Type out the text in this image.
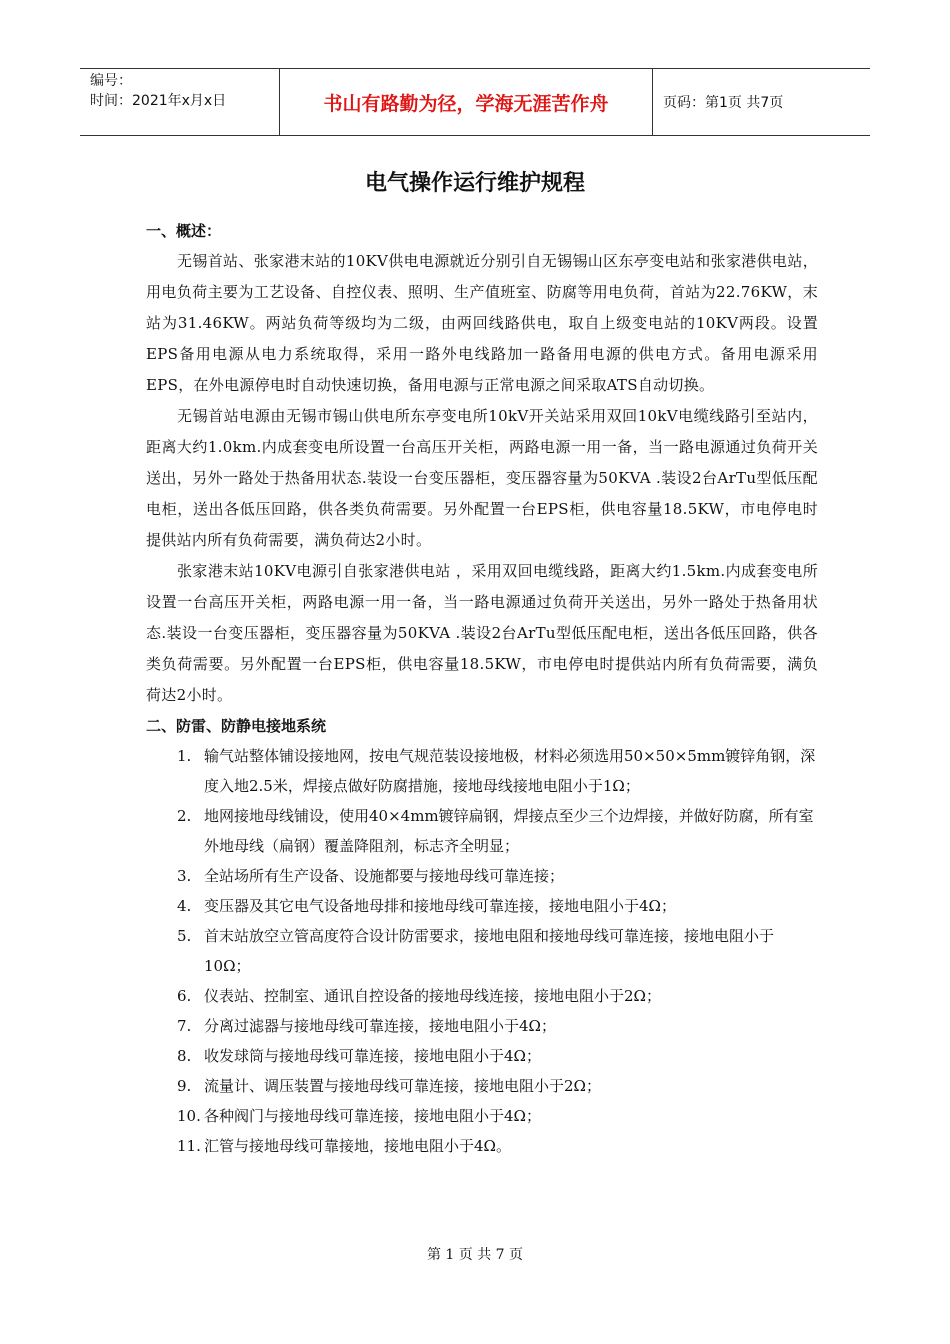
编号：
时间：2021年x月x日	书山有路勤为径，学海无涯苦作舟	页码：第1页 共7页
电气操作运行维护规程

一、概述：

无锡首站、张家港末站的10KV供电电源就近分别引自无锡锡山区东亭变电站和张家港供电站，用电负荷主要为工艺设备、自控仪表、照明、生产值班室、防腐等用电负荷，首站为22.76KW，末站为31.46KW。两站负荷等级均为二级，由两回线路供电，取自上级变电站的10KV两段。设置EPS备用电源从电力系统取得，采用一路外电线路加一路备用电源的供电方式。备用电源采用EPS，在外电源停电时自动快速切换，备用电源与正常电源之间采取ATS自动切换。

无锡首站电源由无锡市锡山供电所东亭变电所10kV开关站采用双回10kV电缆线路引至站内，距离大约1.0km.内成套变电所设置一台高压开关柜，两路电源一用一备，当一路电源通过负荷开关送出，另外一路处于热备用状态.装设一台变压器柜，变压器容量为50KVA .装设2台ArTu型低压配电柜，送出各低压回路，供各类负荷需要。另外配置一台EPS柜，供电容量18.5KW，市电停电时提供站内所有负荷需要，满负荷达2小时。

张家港末站10KV电源引自张家港供电站 ，采用双回电缆线路，距离大约1.5km.内成套变电所设置一台高压开关柜，两路电源一用一备，当一路电源通过负荷开关送出，另外一路处于热备用状态.装设一台变压器柜，变压器容量为50KVA .装设2台ArTu型低压配电柜，送出各低压回路，供各类负荷需要。另外配置一台EPS柜，供电容量18.5KW，市电停电时提供站内所有负荷需要，满负荷达2小时。

二、防雷、防静电接地系统

1. 输气站整体铺设接地网，按电气规范装设接地极，材料必须选用50×50×5mm镀锌角钢，深度入地2.5米，焊接点做好防腐措施，接地母线接地电阻小于1Ω；
2. 地网接地母线铺设，使用40×4mm镀锌扁钢，焊接点至少三个边焊接，并做好防腐，所有室外地母线（扁钢）覆盖降阻剂，标志齐全明显；
3. 全站场所有生产设备、设施都要与接地母线可靠连接；
4. 变压器及其它电气设备地母排和接地母线可靠连接，接地电阻小于4Ω；
5. 首末站放空立管高度符合设计防雷要求，接地电阻和接地母线可靠连接，接地电阻小于10Ω；
6. 仪表站、控制室、通讯自控设备的接地母线连接，接地电阻小于2Ω；
7. 分离过滤器与接地母线可靠连接，接地电阻小于4Ω；
8. 收发球筒与接地母线可靠连接，接地电阻小于4Ω；
9. 流量计、调压装置与接地母线可靠连接，接地电阻小于2Ω；
10. 各种阀门与接地母线可靠连接，接地电阻小于4Ω；
11. 汇管与接地母线可靠接地，接地电阻小于4Ω。
第 1 页 共 7 页
